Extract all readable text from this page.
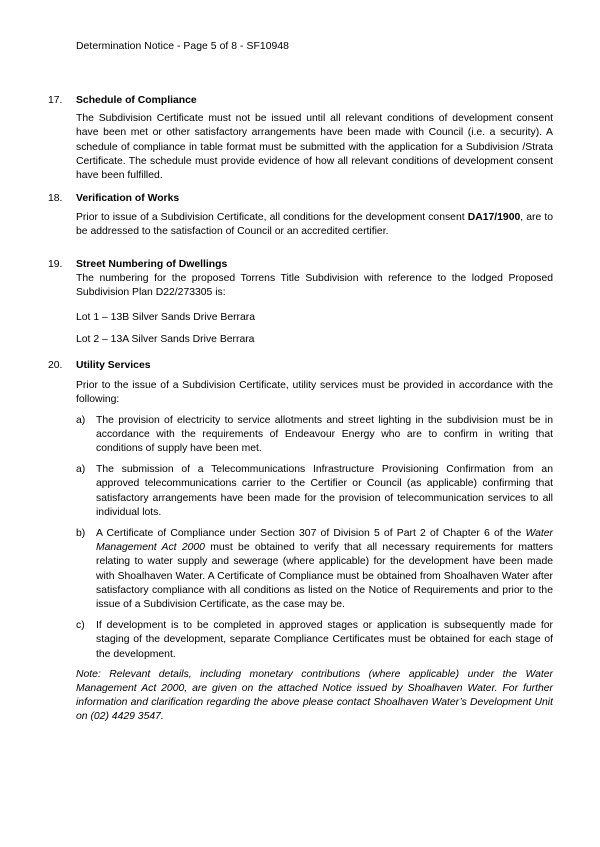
Determination Notice - Page 5 of 8 - SF10948
17.	Schedule of Compliance
The Subdivision Certificate must not be issued until all relevant conditions of development consent have been met or other satisfactory arrangements have been made with Council (i.e. a security). A schedule of compliance in table format must be submitted with the application for a Subdivision /Strata Certificate. The schedule must provide evidence of how all relevant conditions of development consent have been fulfilled.
18.	Verification of Works
Prior to issue of a Subdivision Certificate, all conditions for the development consent DA17/1900, are to be addressed to the satisfaction of Council or an accredited certifier.
19.	Street Numbering of Dwellings
The numbering for the proposed Torrens Title Subdivision with reference to the lodged Proposed Subdivision Plan D22/273305 is:
Lot 1 – 13B Silver Sands Drive Berrara
Lot 2 – 13A Silver Sands Drive Berrara
20.	Utility Services
Prior to the issue of a Subdivision Certificate, utility services must be provided in accordance with the following:
a)	The provision of electricity to service allotments and street lighting in the subdivision must be in accordance with the requirements of Endeavour Energy who are to confirm in writing that conditions of supply have been met.
a)	The submission of a Telecommunications Infrastructure Provisioning Confirmation from an approved telecommunications carrier to the Certifier or Council (as applicable) confirming that satisfactory arrangements have been made for the provision of telecommunication services to all individual lots.
b)	A Certificate of Compliance under Section 307 of Division 5 of Part 2 of Chapter 6 of the Water Management Act 2000 must be obtained to verify that all necessary requirements for matters relating to water supply and sewerage (where applicable) for the development have been made with Shoalhaven Water. A Certificate of Compliance must be obtained from Shoalhaven Water after satisfactory compliance with all conditions as listed on the Notice of Requirements and prior to the issue of a Subdivision Certificate, as the case may be.
c)	If development is to be completed in approved stages or application is subsequently made for staging of the development, separate Compliance Certificates must be obtained for each stage of the development.
Note: Relevant details, including monetary contributions (where applicable) under the Water Management Act 2000, are given on the attached Notice issued by Shoalhaven Water. For further information and clarification regarding the above please contact Shoalhaven Water’s Development Unit on (02) 4429 3547.
